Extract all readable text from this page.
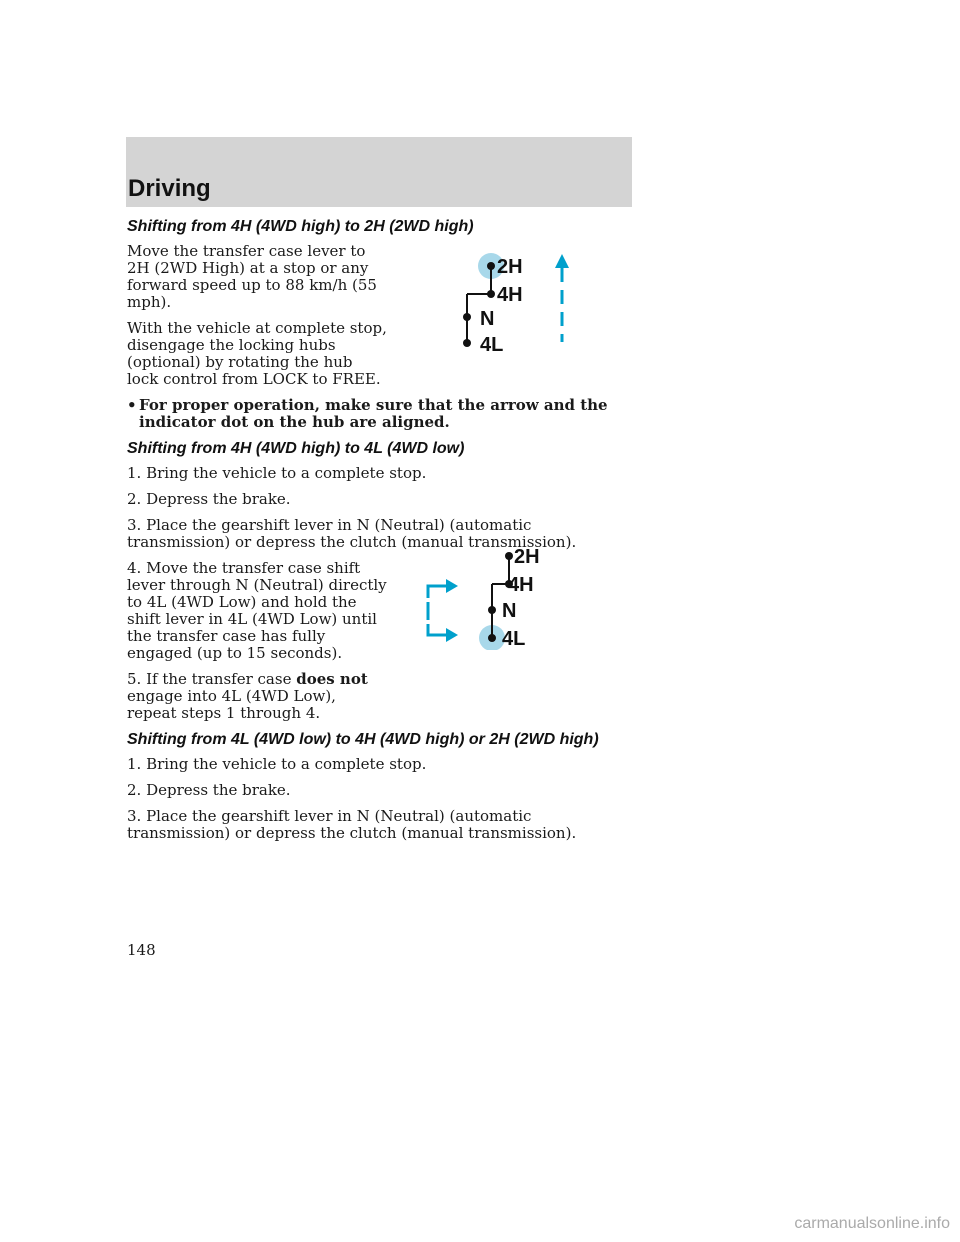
Driving
Shifting from 4H (4WD high) to 2H (2WD high)

Move the transfer case lever to 2H (2WD High) at a stop or any forward speed up to 88 km/h (55 mph).

With the vehicle at complete stop, disengage the locking hubs (optional) by rotating the hub lock control from LOCK to FREE.

• For proper operation, make sure that the arrow and the indicator dot on the hub are aligned.
Shifting from 4H (4WD high) to 4L (4WD low)

1. Bring the vehicle to a complete stop.

2. Depress the brake.

3. Place the gearshift lever in N (Neutral) (automatic transmission) or depress the clutch (manual transmission).

4. Move the transfer case shift lever through N (Neutral) directly to 4L (4WD Low) and hold the shift lever in 4L (4WD Low) until the transfer case has fully engaged (up to 15 seconds).

5. If the transfer case does not engage into 4L (4WD Low), repeat steps 1 through 4.

Shifting from 4L (4WD low) to 4H (4WD high) or 2H (2WD high)

1. Bring the vehicle to a complete stop.

2. Depress the brake.

3. Place the gearshift lever in N (Neutral) (automatic transmission) or depress the clutch (manual transmission).

2H
4H
N
4L
2H
4H
N
4L
148
carmanualsonline.info
